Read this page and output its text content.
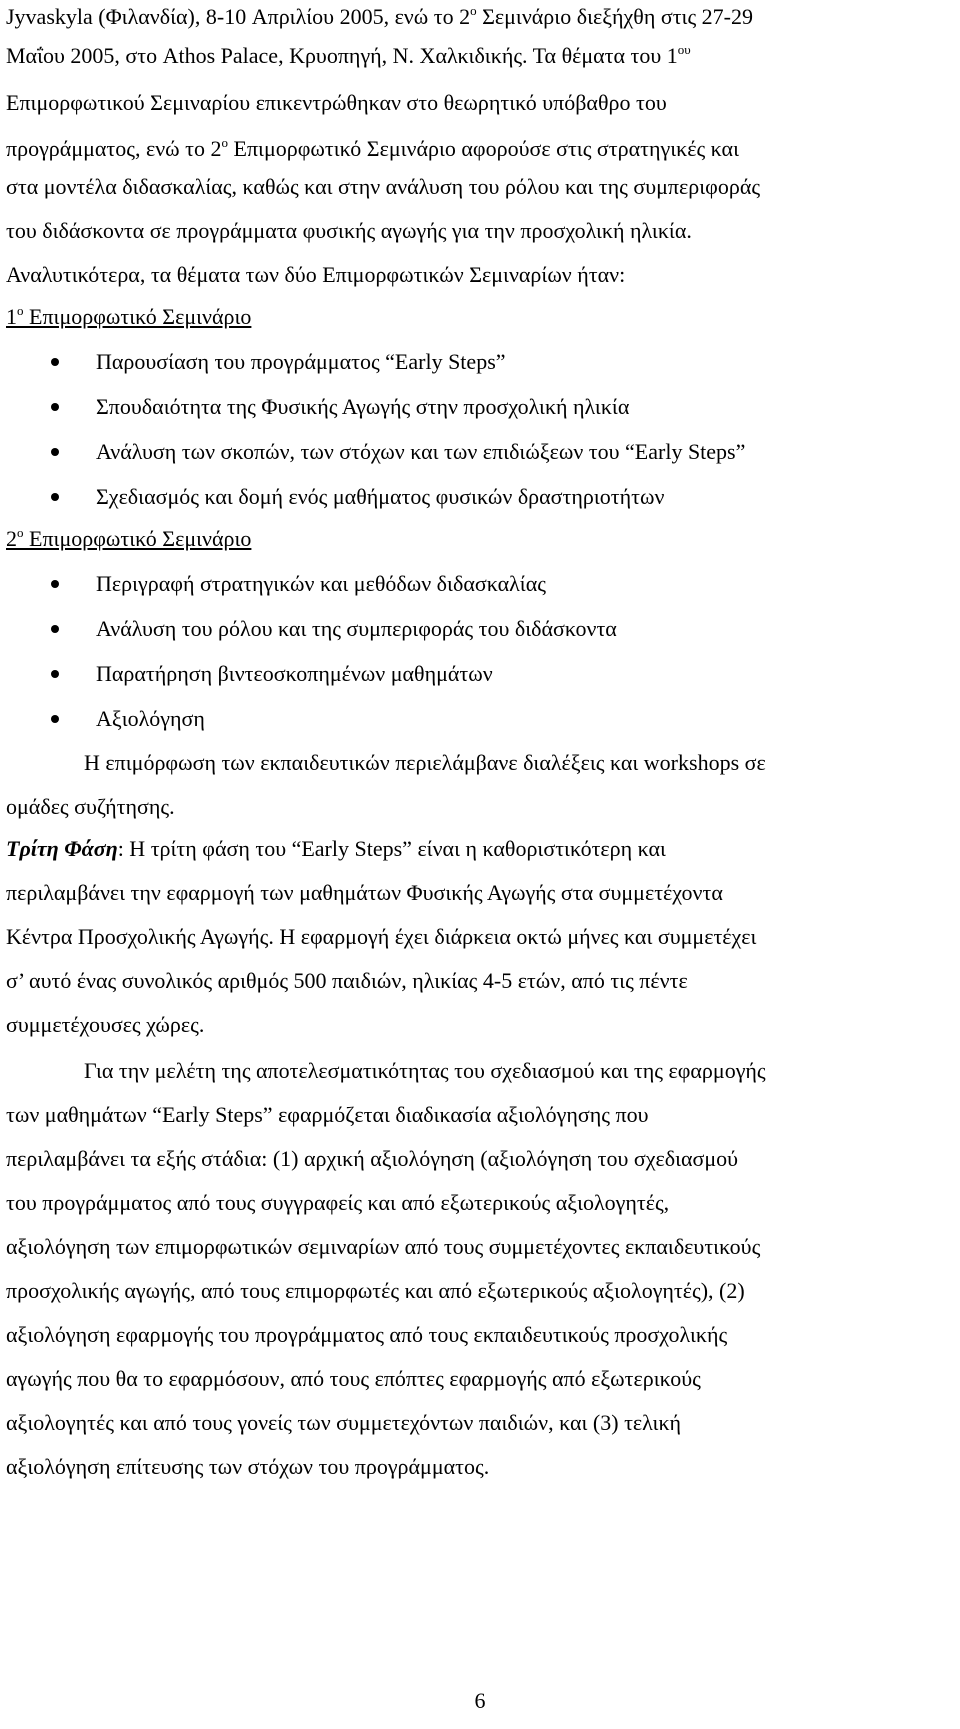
Jyvaskyla (Φιλανδία), 8-10 Απριλίου 2005, ενώ το $2^o$ Σεμινάριο διεξήχθη στις 27-29
Μαΐου 2005, στο Athos Palace, Κρυοπηγή, Ν. Χαλκιδικής. Τα θέματα του $1^{o\upsilon}$
Επιμορφωτικού Σεμιναρίου επικεντρώθηκαν στο θεωρητικό υπόβαθρο του
προγράμματος, ενώ το $2^o$ Επιμορφωτικό Σεμινάριο αφορούσε στις στρατηγικές και
στα μοντέλα διδασκαλίας, καθώς και στην ανάλυση του ρόλου και της συμπεριφοράς
του διδάσκοντα σε προγράμματα φυσικής αγωγής για την προσχολική ηλικία.
Αναλυτικότερα, τα θέματα των δύο Επιμορφωτικών Σεμιναρίων ήταν:
$1^o$ Επιμορφωτικό Σεμινάριο
Παρουσίαση του προγράμματος “Early Steps”
Σπουδαιότητα της Φυσικής Αγωγής στην προσχολική ηλικία
Ανάλυση των σκοπών, των στόχων και των επιδιώξεων του “Early Steps”
Σχεδιασμός και δομή ενός μαθήματος φυσικών δραστηριοτήτων
$2^o$ Επιμορφωτικό Σεμινάριο
Περιγραφή στρατηγικών και μεθόδων διδασκαλίας
Ανάλυση του ρόλου και της συμπεριφοράς του διδάσκοντα
Παρατήρηση βιντεοσκοπημένων μαθημάτων
Αξιολόγηση
Η επιμόρφωση των εκπαιδευτικών περιελάμβανε διαλέξεις και workshops σε
ομάδες συζήτησης.
Τρίτη Φάση: Η τρίτη φάση του “Early Steps” είναι η καθοριστικότερη και
περιλαμβάνει την εφαρμογή των μαθημάτων Φυσικής Αγωγής στα συμμετέχοντα
Κέντρα Προσχολικής Αγωγής. Η εφαρμογή έχει διάρκεια οκτώ μήνες και συμμετέχει
σ’ αυτό ένας συνολικός αριθμός 500 παιδιών, ηλικίας 4-5 ετών, από τις πέντε
συμμετέχουσες χώρες.
Για την μελέτη της αποτελεσματικότητας του σχεδιασμού και της εφαρμογής
των μαθημάτων “Early Steps” εφαρμόζεται διαδικασία αξιολόγησης που
περιλαμβάνει τα εξής στάδια: (1) αρχική αξιολόγηση (αξιολόγηση του σχεδιασμού
του προγράμματος από τους συγγραφείς και από εξωτερικούς αξιολογητές,
αξιολόγηση των επιμορφωτικών σεμιναρίων από τους συμμετέχοντες εκπαιδευτικούς
προσχολικής αγωγής, από τους επιμορφωτές και από εξωτερικούς αξιολογητές), (2)
αξιολόγηση εφαρμογής του προγράμματος από τους εκπαιδευτικούς προσχολικής
αγωγής που θα το εφαρμόσουν, από τους επόπτες εφαρμογής από εξωτερικούς
αξιολογητές και από τους γονείς των συμμετεχόντων παιδιών, και (3) τελική
αξιολόγηση επίτευσης των στόχων του προγράμματος.
6
